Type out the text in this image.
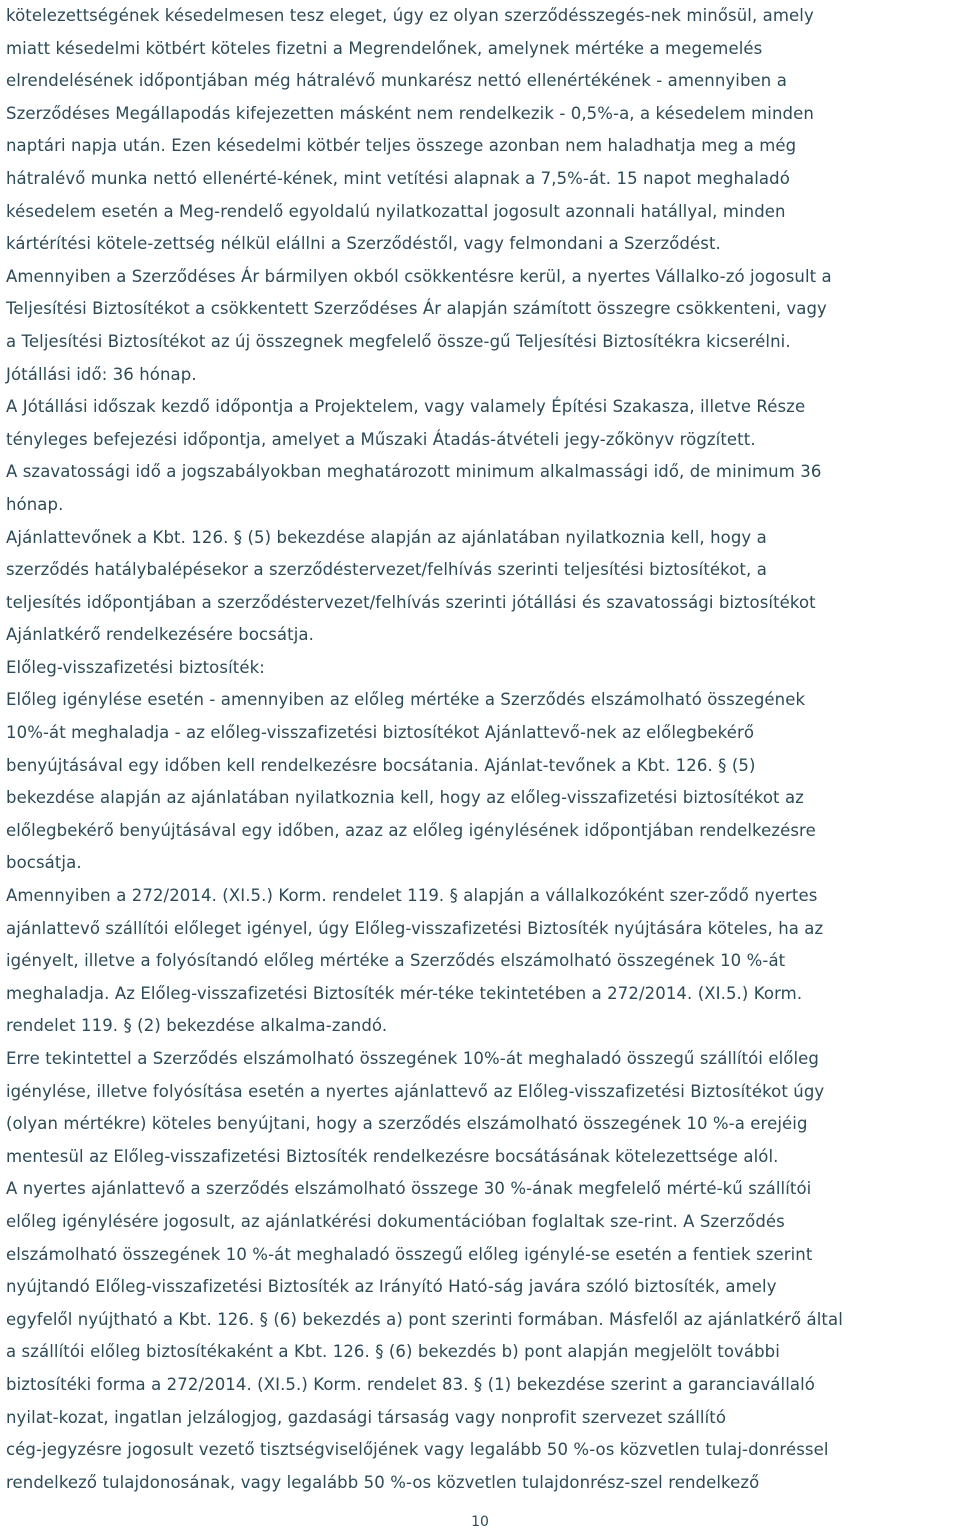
kötelezettségének késedelmesen tesz eleget, úgy ez olyan szerződésszegés-nek minősül, amely
miatt késedelmi kötbért köteles fizetni a Megrendelőnek, amelynek mértéke a megemelés
elrendelésének időpontjában még hátralévő munkarész nettó ellenértékének - amennyiben a
Szerződéses Megállapodás kifejezetten másként nem rendelkezik - 0,5%-a, a késedelem minden
naptári napja után. Ezen késedelmi kötbér teljes összege azonban nem haladhatja meg a még
hátralévő munka nettó ellenérté-kének, mint vetítési alapnak a 7,5%-át. 15 napot meghaladó
késedelem esetén a Meg-rendelő egyoldalú nyilatkozattal jogosult azonnali hatállyal, minden
kártérítési kötele-zettség nélkül elállni a Szerződéstől, vagy felmondani a Szerződést.
Amennyiben a Szerződéses Ár bármilyen okból csökkentésre kerül, a nyertes Vállalko-zó jogosult a
Teljesítési Biztosítékot a csökkentett Szerződéses Ár alapján számított összegre csökkenteni, vagy
a Teljesítési Biztosítékot az új összegnek megfelelő össze-gű Teljesítési Biztosítékra kicserélni.
Jótállási idő: 36 hónap.
A Jótállási időszak kezdő időpontja a Projektelem, vagy valamely Építési Szakasza, illetve Része
tényleges befejezési időpontja, amelyet a Műszaki Átadás-átvételi jegy-zőkönyv rögzített.
A szavatossági idő a jogszabályokban meghatározott minimum alkalmassági idő, de minimum 36
hónap.
Ajánlattevőnek a Kbt. 126. § (5) bekezdése alapján az ajánlatában nyilatkoznia kell, hogy a
szerződés hatálybalépésekor a szerződéstervezet/felhívás szerinti teljesítési biztosítékot, a
teljesítés időpontjában a szerződéstervezet/felhívás szerinti jótállási és szavatossági biztosítékot
Ajánlatkérő rendelkezésére bocsátja.
Előleg-visszafizetési biztosíték:
Előleg igénylése esetén - amennyiben az előleg mértéke a Szerződés elszámolható összegének
10%-át meghaladja - az előleg-visszafizetési biztosítékot Ajánlattevő-nek az előlegbekérő
benyújtásával egy időben kell rendelkezésre bocsátania. Ajánlat-tevőnek a Kbt. 126. § (5)
bekezdése alapján az ajánlatában nyilatkoznia kell, hogy az előleg-visszafizetési biztosítékot az
előlegbekérő benyújtásával egy időben, azaz az előleg igénylésének időpontjában rendelkezésre
bocsátja.
Amennyiben a 272/2014. (XI.5.) Korm. rendelet 119. § alapján a vállalkozóként szer-ződő nyertes
ajánlattevő szállítói előleget igényel, úgy Előleg-visszafizetési Biztosíték nyújtására köteles, ha az
igényelt, illetve a folyósítandó előleg mértéke a Szerződés elszámolható összegének 10 %-át
meghaladja. Az Előleg-visszafizetési Biztosíték mér-téke tekintetében a 272/2014. (XI.5.) Korm.
rendelet 119. § (2) bekezdése alkalma-zandó.
Erre tekintettel a Szerződés elszámolható összegének 10%-át meghaladó összegű szállítói előleg
igénylése, illetve folyósítása esetén a nyertes ajánlattevő az Előleg-visszafizetési Biztosítékot úgy
(olyan mértékre) köteles benyújtani, hogy a szerződés elszámolható összegének 10 %-a erejéig
mentesül az Előleg-visszafizetési Biztosíték rendelkezésre bocsátásának kötelezettsége alól.
A nyertes ajánlattevő a szerződés elszámolható összege 30 %-ának megfelelő mérté-kű szállítói
előleg igénylésére jogosult, az ajánlatkérési dokumentációban foglaltak sze-rint. A Szerződés
elszámolható összegének 10 %-át meghaladó összegű előleg igénylé-se esetén a fentiek szerint
nyújtandó Előleg-visszafizetési Biztosíték az Irányító Ható-ság javára szóló biztosíték, amely
egyfelől nyújtható a Kbt. 126. § (6) bekezdés a) pont szerinti formában. Másfelől az ajánlatkérő által
a szállítói előleg biztosítékaként a Kbt. 126. § (6) bekezdés b) pont alapján megjelölt további
biztosítéki forma a 272/2014. (XI.5.) Korm. rendelet 83. § (1) bekezdése szerint a garanciavállaló
nyilat-kozat, ingatlan jelzálogjog, gazdasági társaság vagy nonprofit szervezet szállító
cég-jegyzésre jogosult vezető tisztségviselőjének vagy legalább 50 %-os közvetlen tulaj-donréssel
rendelkező tulajdonosának, vagy legalább 50 %-os közvetlen tulajdonrész-szel rendelkező
10
